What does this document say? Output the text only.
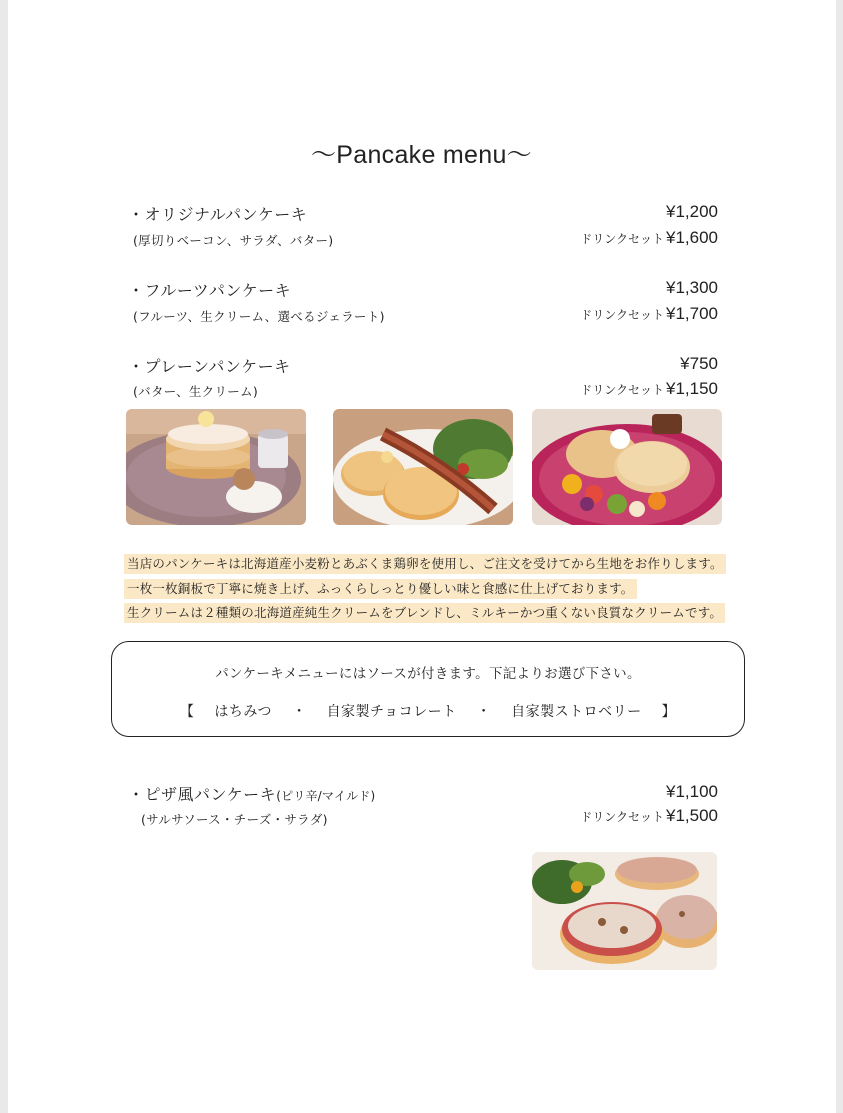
～Pancake menu～
・オリジナルパンケーキ
(厚切りベーコン、サラダ、バター)
¥1,200
ドリンクセット ¥1,600
・フルーツパンケーキ
(フルーツ、生クリーム、選べるジェラート)
¥1,300
ドリンクセット ¥1,700
・プレーンパンケーキ
(バター、生クリーム)
¥750
ドリンクセット ¥1,150
当店のパンケーキは北海道産小麦粉とあぶくま鶏卵を使用し、ご注文を受けてから生地をお作りします。
一枚一枚銅板で丁寧に焼き上げ、ふっくらしっとり優しい味と食感に仕上げております。
生クリームは２種類の北海道産純生クリームをブレンドし、ミルキーかつ重くない良質なクリームです。
パンケーキメニューにはソースが付きます。下記よりお選び下さい。
【 はちみつ ・ 自家製チョコレート ・ 自家製ストロベリー 】
・ピザ風パンケーキ(ピリ辛/マイルド)
(サルサソース・チーズ・サラダ)
¥1,100
ドリンクセット ¥1,500
